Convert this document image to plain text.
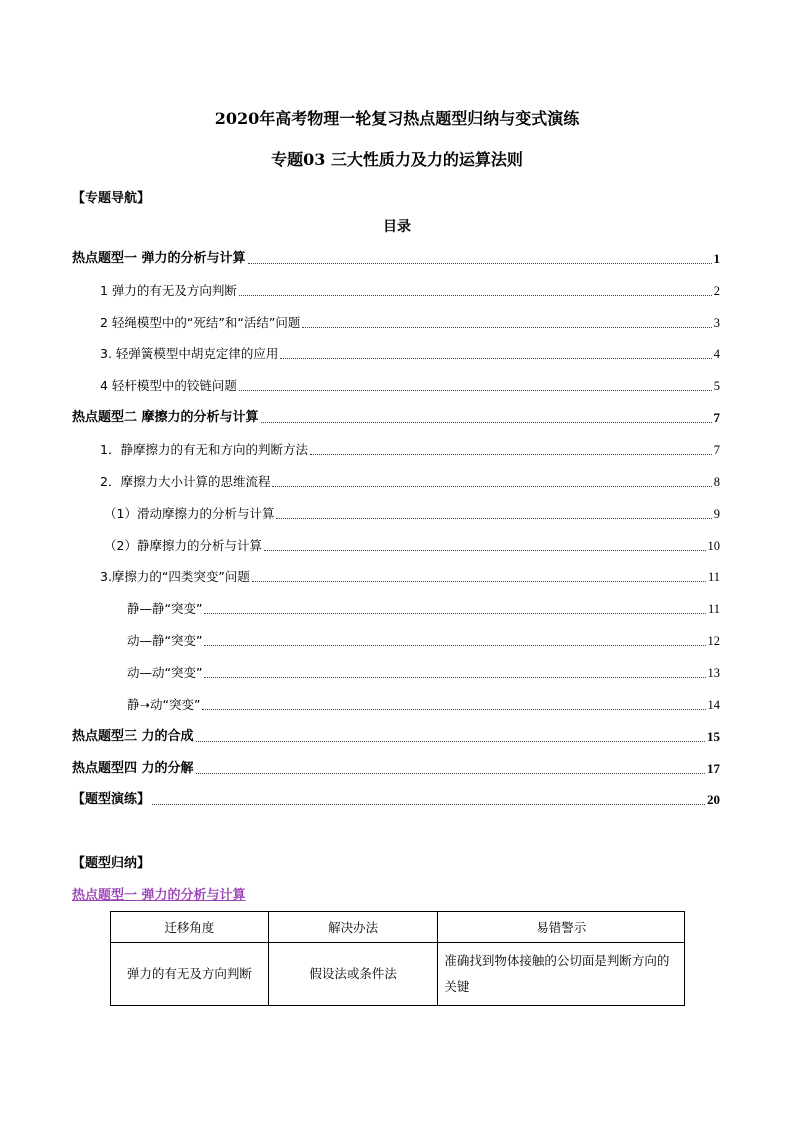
2020年高考物理一轮复习热点题型归纳与变式演练
专题03 三大性质力及力的运算法则
【专题导航】
目录
热点题型一 弹力的分析与计算	1
1 弹力的有无及方向判断	2
2 轻绳模型中的“死结”和“活结”问题	3
3. 轻弹簧模型中胡克定律的应用	4
4 轻杆模型中的铰链问题	5
热点题型二 摩擦力的分析与计算	7
1．静摩擦力的有无和方向的判断方法	7
2．摩擦力大小计算的思维流程	8
（1）滑动摩擦力的分析与计算	9
（2）静摩擦力的分析与计算	10
3.摩擦力的“四类突变”问题	11
静—静“突变”	11
动—静“突变”	12
动—动“突变”	13
静➝动“突变”	14
热点题型三 力的合成	15
热点题型四 力的分解	17
【题型演练】	20
【题型归纳】
热点题型一 弹力的分析与计算
迁移角度	解决办法	易错警示
弹力的有无及方向判断	假设法或条件法	准确找到物体接触的公切面是判断方向的关键
